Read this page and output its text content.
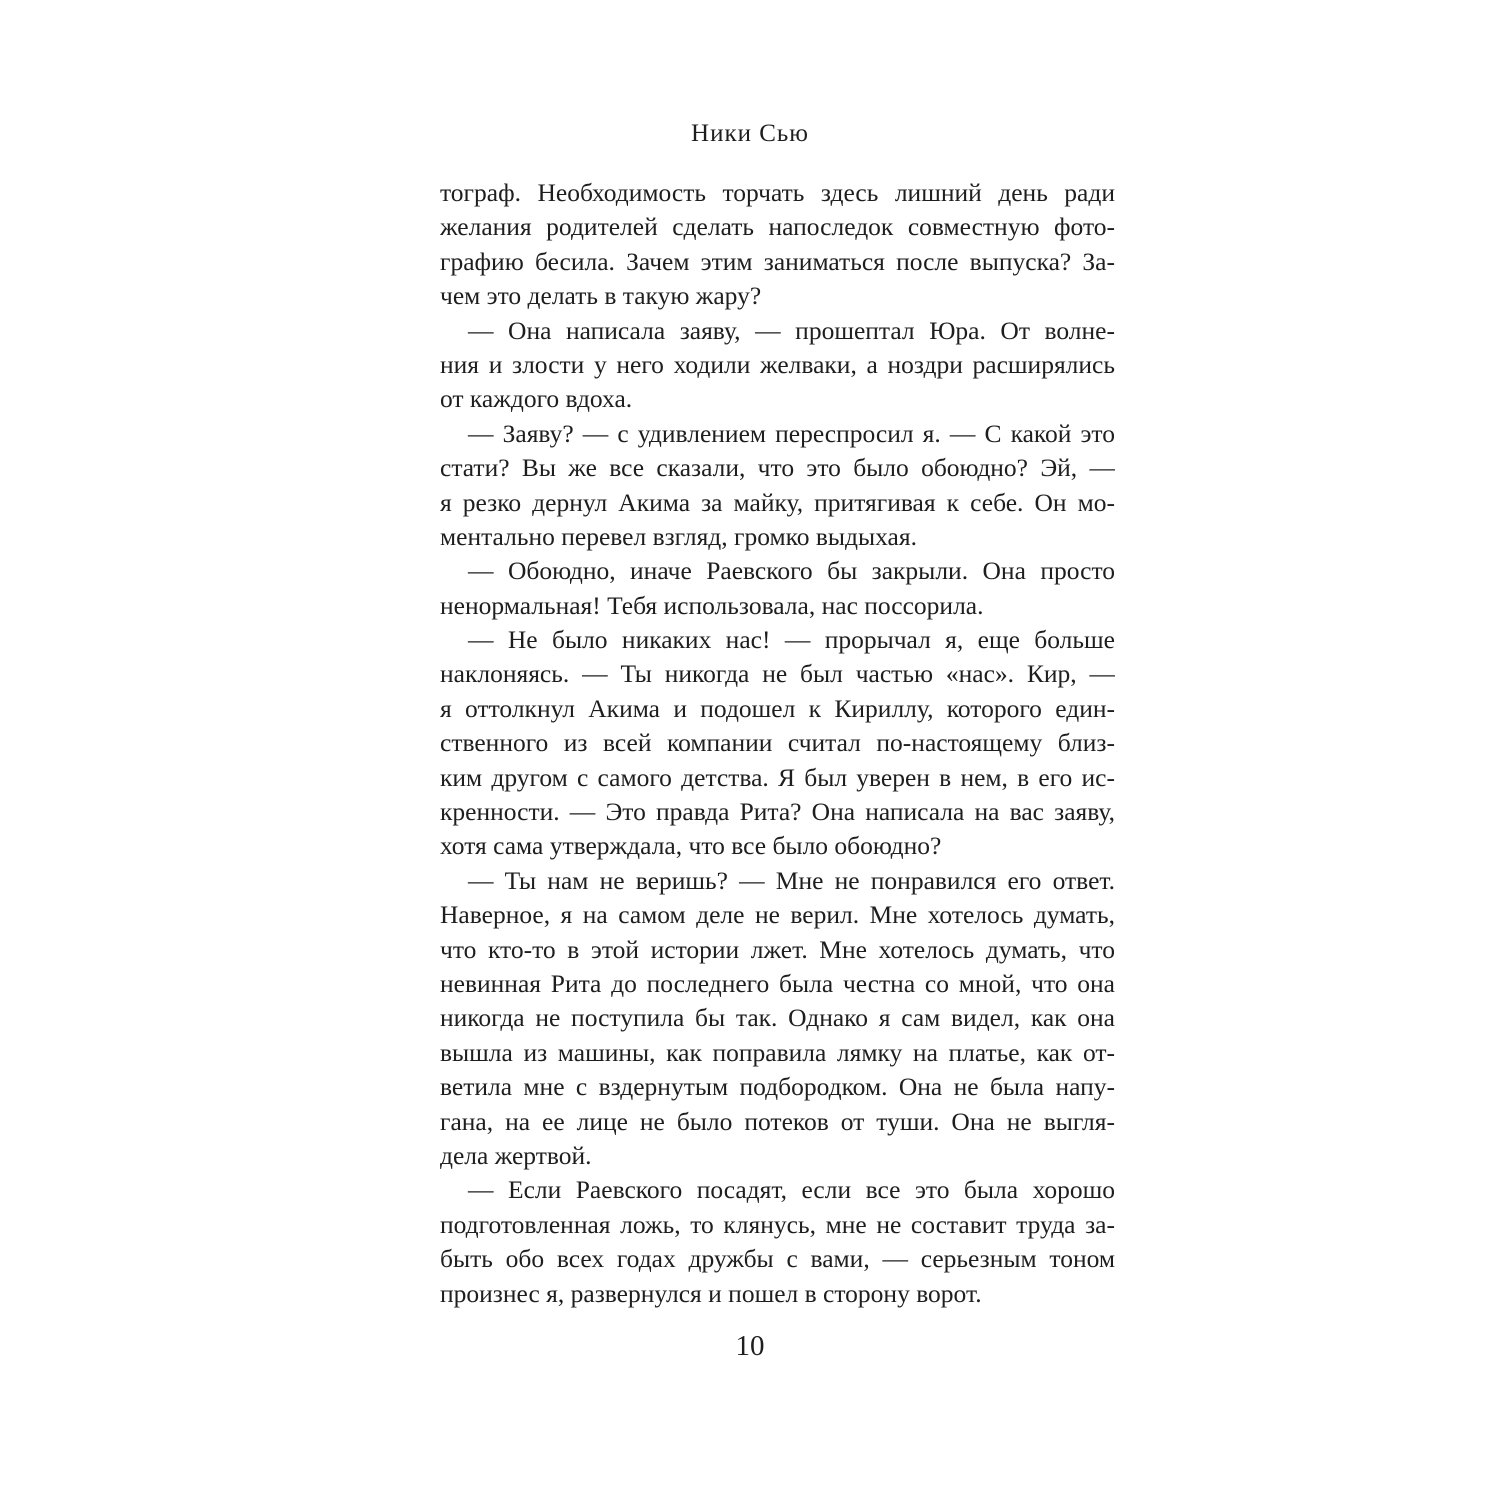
Ники Сью
тограф. Необходимость торчать здесь лишний день ради
желания родителей сделать напоследок совместную фото-
графию бесила. Зачем этим заниматься после выпуска? За-
чем это делать в такую жару?
— Она написала заяву, — прошептал Юра. От волне-
ния и злости у него ходили желваки, а ноздри расширялись
от каждого вдоха.
— Заяву? — с удивлением переспросил я. — С какой это
стати? Вы же все сказали, что это было обоюдно? Эй, —
я резко дернул Акима за майку, притягивая к себе. Он мо-
ментально перевел взгляд, громко выдыхая.
— Обоюдно, иначе Раевского бы закрыли. Она просто
ненормальная! Тебя использовала, нас поссорила.
— Не было никаких нас! — прорычал я, еще больше
наклоняясь. — Ты никогда не был частью «нас». Кир, —
я оттолкнул Акима и подошел к Кириллу, которого един-
ственного из всей компании считал по-настоящему близ-
ким другом с самого детства. Я был уверен в нем, в его ис-
кренности. — Это правда Рита? Она написала на вас заяву,
хотя сама утверждала, что все было обоюдно?
— Ты нам не веришь? — Мне не понравился его ответ.
Наверное, я на самом деле не верил. Мне хотелось думать,
что кто-то в этой истории лжет. Мне хотелось думать, что
невинная Рита до последнего была честна со мной, что она
никогда не поступила бы так. Однако я сам видел, как она
вышла из машины, как поправила лямку на платье, как от-
ветила мне с вздернутым подбородком. Она не была напу-
гана, на ее лице не было потеков от туши. Она не выгля-
дела жертвой.
— Если Раевского посадят, если все это была хорошо
подготовленная ложь, то клянусь, мне не составит труда за-
быть обо всех годах дружбы с вами, — серьезным тоном
произнес я, развернулся и пошел в сторону ворот.
10
